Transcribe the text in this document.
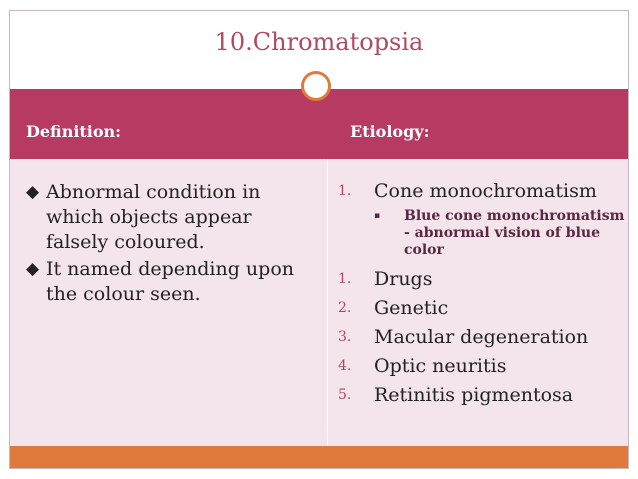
10.Chromatopsia
Definition:	Etiology:
◆ Abnormal condition in which objects appear falsely coloured.
◆ It named depending upon the colour seen.
1. Cone monochromatism
▪ Blue cone monochromatism - abnormal vision of blue color
1. Drugs
2. Genetic
3. Macular degeneration
4. Optic neuritis
5. Retinitis pigmentosa
